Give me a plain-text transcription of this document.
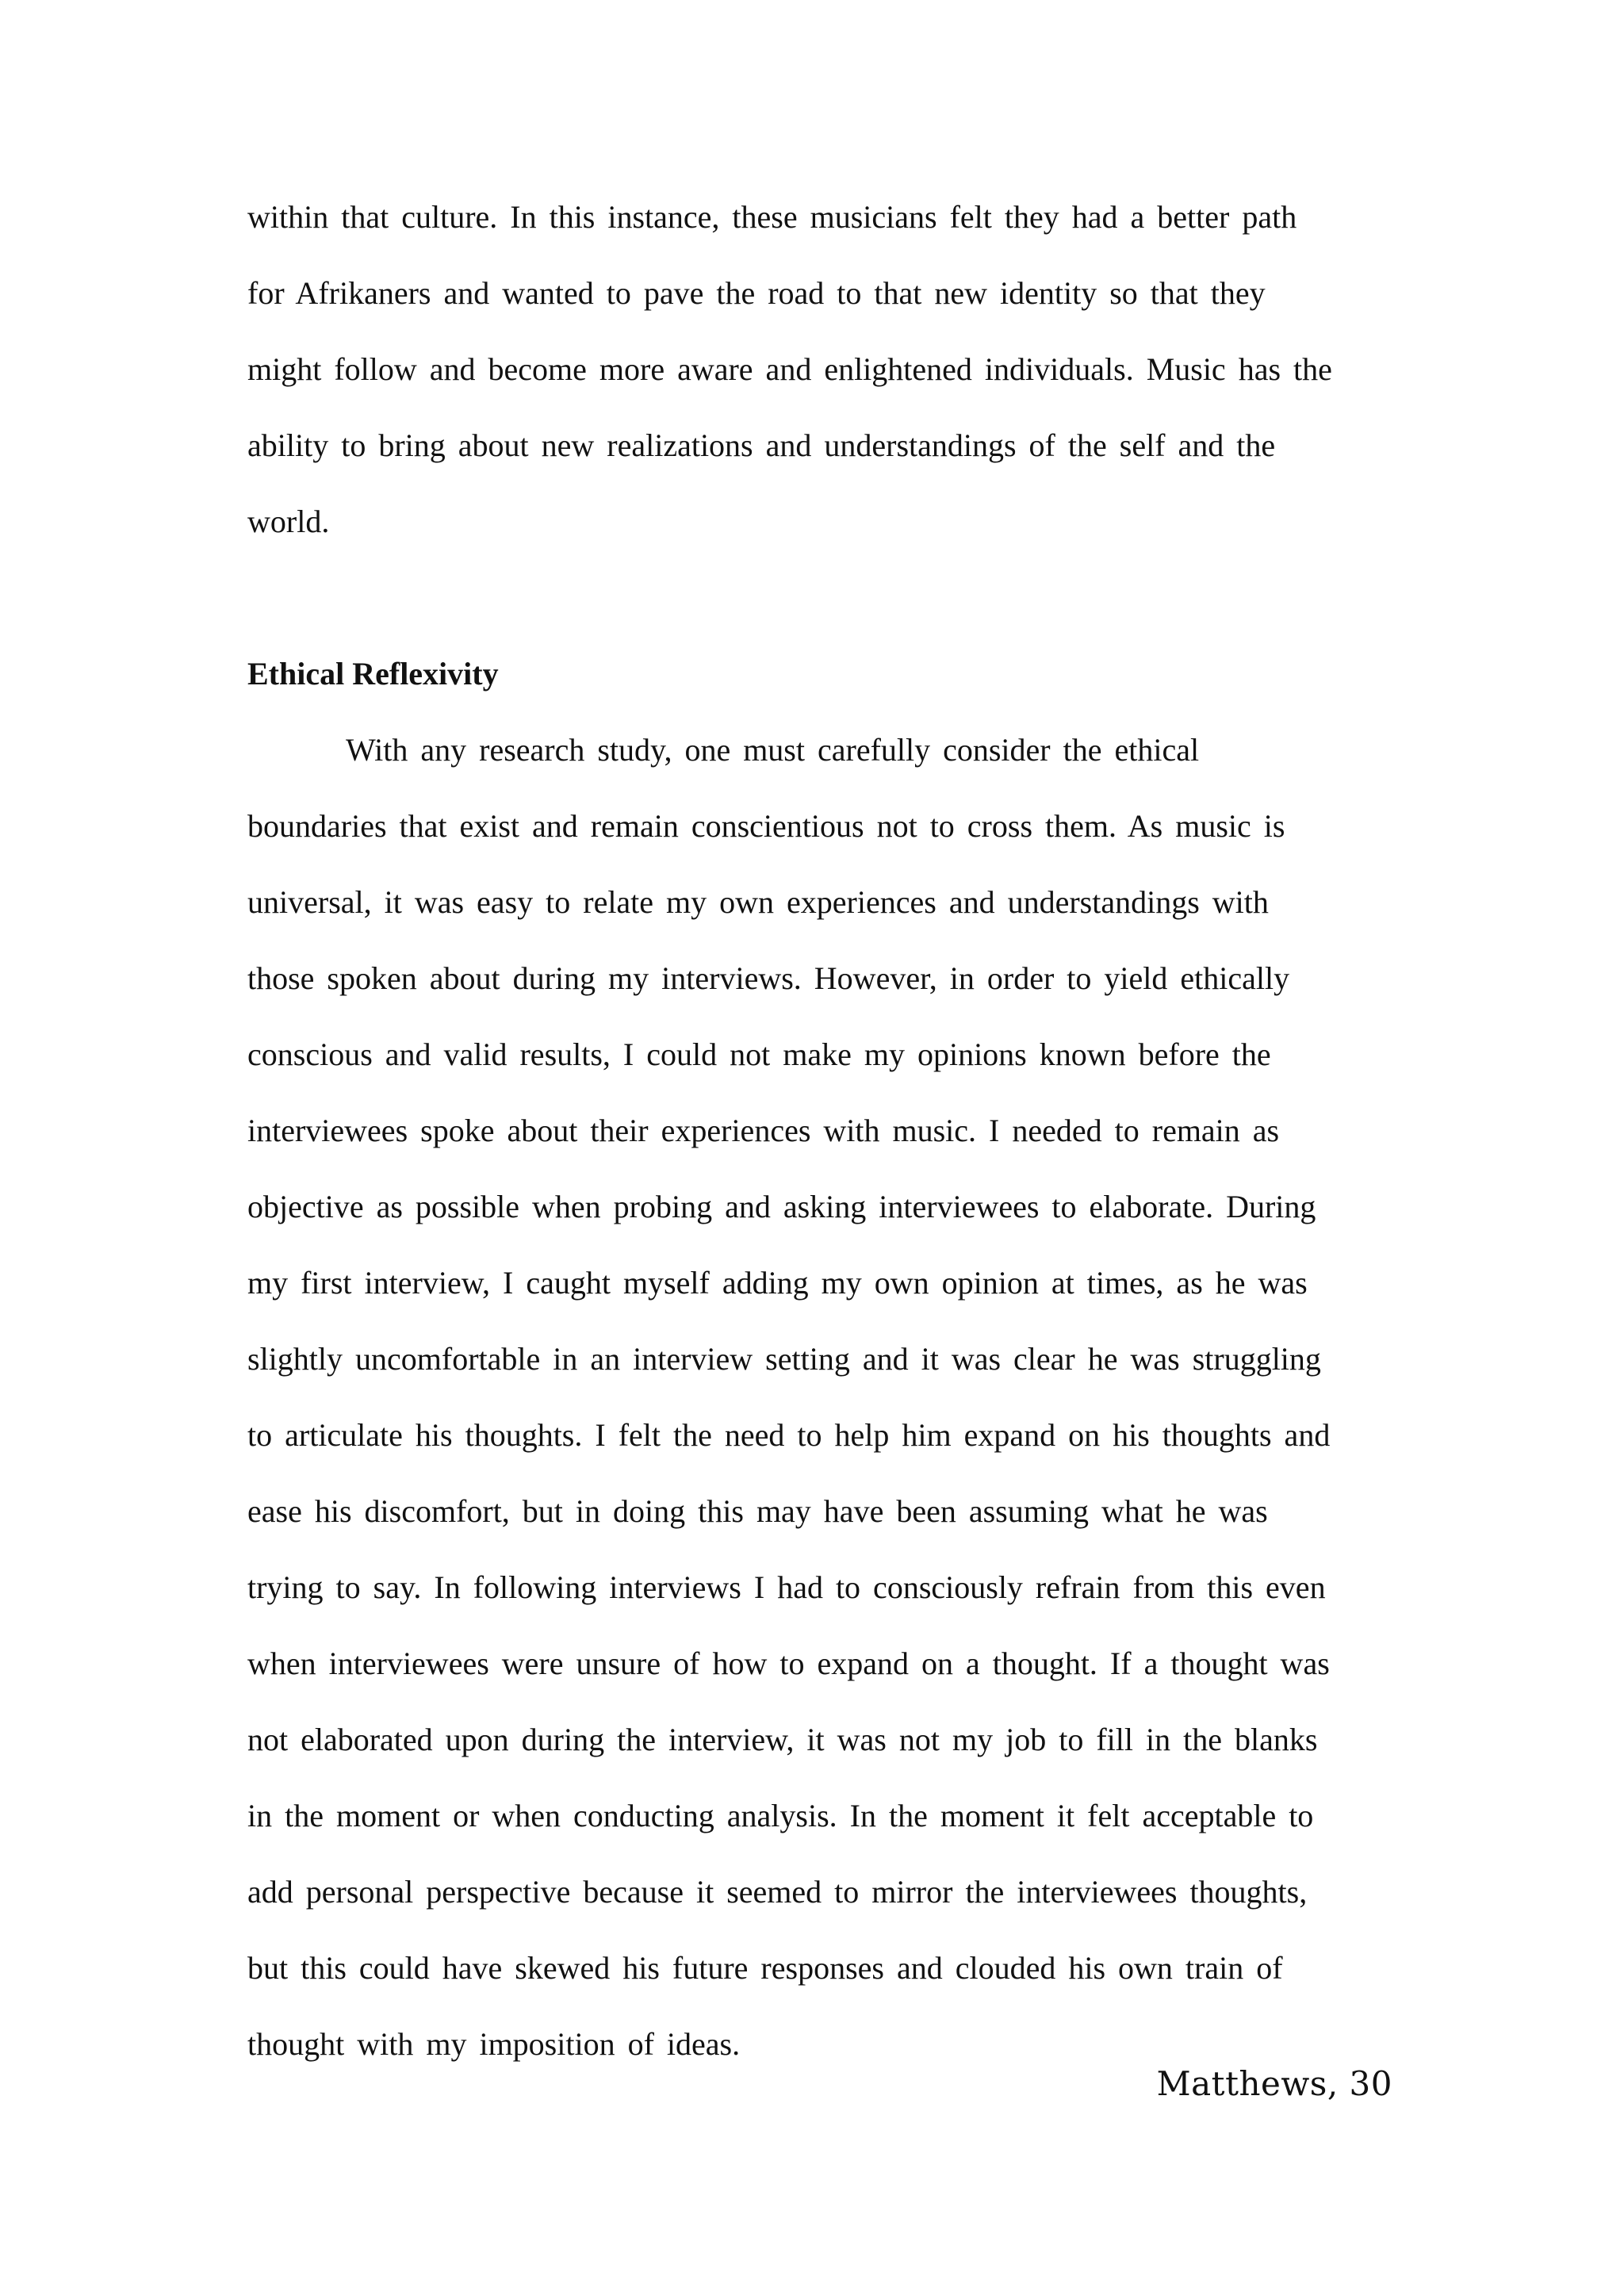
within that culture. In this instance, these musicians felt they had a better path
for Afrikaners and wanted to pave the road to that new identity so that they
might follow and become more aware and enlightened individuals. Music has the
ability to bring about new realizations and understandings of the self and the
world.
Ethical Reflexivity
With any research study, one must carefully consider the ethical
boundaries that exist and remain conscientious not to cross them. As music is
universal, it was easy to relate my own experiences and understandings with
those spoken about during my interviews. However, in order to yield ethically
conscious and valid results, I could not make my opinions known before the
interviewees spoke about their experiences with music. I needed to remain as
objective as possible when probing and asking interviewees to elaborate. During
my first interview, I caught myself adding my own opinion at times, as he was
slightly uncomfortable in an interview setting and it was clear he was struggling
to articulate his thoughts. I felt the need to help him expand on his thoughts and
ease his discomfort, but in doing this may have been assuming what he was
trying to say. In following interviews I had to consciously refrain from this even
when interviewees were unsure of how to expand on a thought. If a thought was
not elaborated upon during the interview, it was not my job to fill in the blanks
in the moment or when conducting analysis. In the moment it felt acceptable to
add personal perspective because it seemed to mirror the interviewees thoughts,
but this could have skewed his future responses and clouded his own train of
thought with my imposition of ideas.
Matthews, 30
